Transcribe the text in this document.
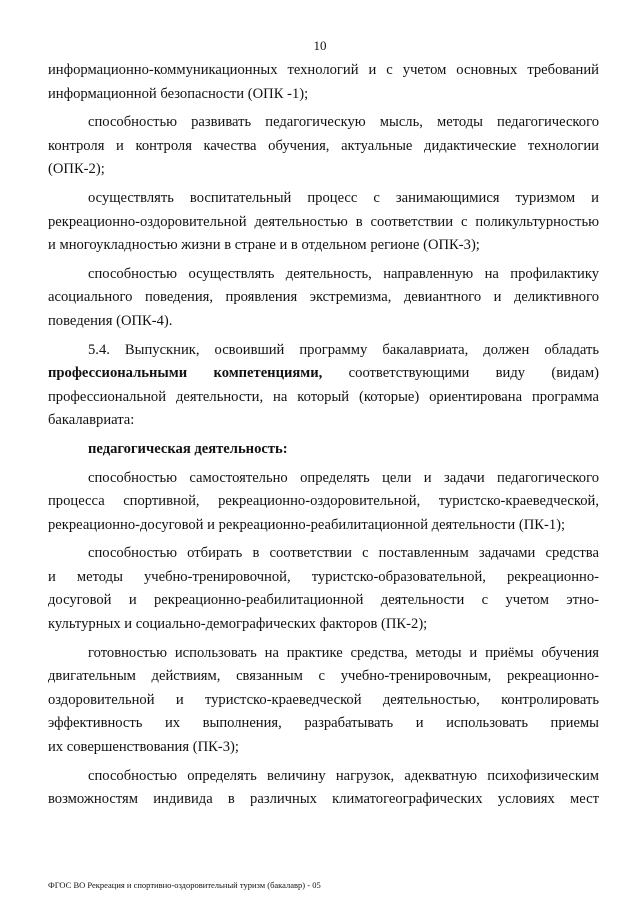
10
информационно-коммуникационных технологий и с учетом основных требований
информационной безопасности (ОПК -1);
способностью развивать педагогическую мысль, методы педагогического
контроля и контроля качества обучения, актуальные дидактические технологии
(ОПК-2);
осуществлять воспитательный процесс с занимающимися туризмом и
рекреационно-оздоровительной деятельностью в соответствии с поликультурностью
и многоукладностью жизни в стране и в отдельном регионе (ОПК-3);
способностью осуществлять деятельность, направленную на профилактику
асоциального поведения, проявления экстремизма, девиантного и деликтивного
поведения (ОПК-4).
5.4. Выпускник, освоивший программу бакалавриата, должен обладать
профессиональными компетенциями, соответствующими виду (видам)
профессиональной деятельности, на который (которые) ориентирована программа
бакалавриата:
педагогическая деятельность:
способностью самостоятельно определять цели и задачи педагогического
процесса спортивной, рекреационно-оздоровительной, туристско-краеведческой,
рекреационно-досуговой и рекреационно-реабилитационной деятельности (ПК-1);
способностью отбирать в соответствии с поставленным задачами средства
и методы учебно-тренировочной, туристско-образовательной, рекреационно-
досуговой и рекреационно-реабилитационной деятельности с учетом этно-
культурных и социально-демографических факторов (ПК-2);
готовностью использовать на практике средства, методы и приёмы обучения
двигательным действиям, связанным с учебно-тренировочным, рекреационно-
оздоровительной и туристско-краеведческой деятельностью, контролировать
эффективность их выполнения, разрабатывать и использовать приемы
их совершенствования (ПК-3);
способностью определять величину нагрузок, адекватную психофизическим
возможностям индивида в различных климатогеографических условиях мест
ФГОС ВО Рекреация и спортивно-оздоровительный туризм (бакалавр) - 05
